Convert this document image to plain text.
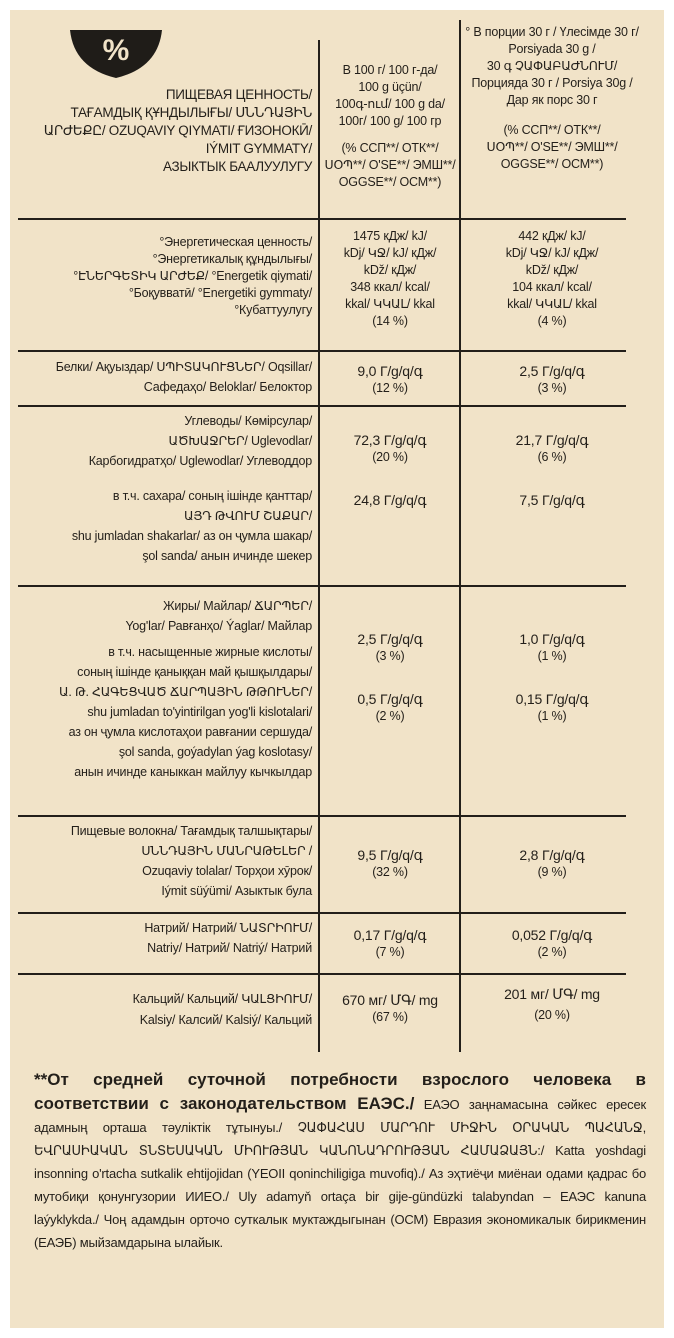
%
ПИЩЕВАЯ ЦЕННОСТЬ/
ТАҒАМДЫҚ ҚҰНДЫЛЫҒЫ/ ՍՆՆԴԱՅԻՆ
ԱՐԺԵՔԸ/ OZUQAVIY QIYMATI/ ҒИЗОНОКӢ/
IÝMIT GYMMATY/
АЗЫКТЫК БААЛУУЛУГУ
В 100 г/ 100 г-да/
100 g üçün/
100գ-ում/ 100 g da/
100г/ 100 g/ 100 гр
(% ССП**/ ОТК**/
ՍՕՊ**/ O'SE**/ ЭМШ**/
OGGSE**/ ОСМ**)
° В порции 30 г / Үлесімде 30 г/
Porsiyada 30 g /
30 գ ՉԱՓԱԲԱԺՆՈՒՄ/
Порциядa 30 г / Porsiya 30g /
Дар як порс 30 г
(% ССП**/ ОТК**/
ՍՕՊ**/ O'SE**/ ЭМШ**/
OGGSE**/ ОСМ**)
°Энергетическая ценность/
°Энергетикалық құндылығы/
°ԷՆԵՐԳԵՏԻԿ ԱՐԺԵՔ/ °Energetik qiymati/
°Бoқувватӣ/ °Energetiki gymmaty/
°Кубаттуулугу
1475 кДж/ kJ/
kDj/ ԿՋ/ kJ/ кДж/
kDž/ кДж/
348 ккал/ kcal/
kkal/ ԿԿԱԼ/ kkal
(14 %)
442 кДж/ kJ/
kDj/ ԿՋ/ kJ/ кДж/
kDž/ кДж/
104 ккал/ kcal/
kkal/ ԿԿԱԼ/ kkal
(4 %)
Белки/ Ақуыздар/ ՍՊԻՏԱԿՈՒՑՆԵՐ/ Oqsillar/
Сафедаҳо/ Beloklar/ Белоктор
9,0 Г/g/q/գ
(12 %)
2,5 Г/g/q/գ
(3 %)
Углеводы/ Көмірсулар/
ԱԾԽԱՋՐԵՐ/ Uglevodlar/
Карбогидратҳо/ Uglewodlar/ Углеводдор
72,3 Г/g/q/գ
(20 %)
21,7 Г/g/q/գ
(6 %)
в т.ч. сахара/ соның ішінде қанттар/
ԱՅԴ ԹՎՈՒՄ ՇԱՔԱՐ/
shu jumladan shakarlar/ аз он ҷумла шакар/
şol sanda/ анын ичинде шекер
24,8 Г/g/q/գ	7,5 Г/g/q/գ
Жиры/ Майлар/ ՃԱՐՊԵՐ/
Yog'lar/ Равғанҳо/ Ýaglar/ Майлар
2,5 Г/g/q/գ
(3 %)
1,0 Г/g/q/գ
(1 %)
в т.ч. насыщенные жирные кислоты/
соның ішінде қаныққан май қышқылдары/
Ա. Թ. ՀԱԳԵՑՎԱԾ ՃԱՐՊԱՅԻՆ ԹԹՈՒՆԵՐ/
shu jumladan to'yintirilgan yog'li kislotalari/
аз он ҷумла кислотаҳои равғании сершуда/
şol sanda, goýadylan ýag koslotasy/
анын ичинде каныккан майлуу кычкылдар
0,5 Г/g/q/գ
(2 %)
0,15 Г/g/q/գ
(1 %)
Пищевые волокна/ Тағамдық талшықтары/
ՍՆՆԴԱՅԻՆ ՄԱՆՐԱԹԵԼԵՐ /
Ozuqaviy tolalar/ Торҳои хӯрок/
Iýmit süýümi/ Азыктык була
9,5 Г/g/q/գ
(32 %)
2,8 Г/g/q/գ
(9 %)
Натрий/ Натрий/ ՆԱՏՐԻՈՒՄ/
Natriy/ Натрий/ Natriý/ Натрий
0,17 Г/g/q/գ
(7 %)
0,052 Г/g/q/գ
(2 %)
Кальций/ Кальций/ ԿԱԼՑԻՈՒՄ/
Kalsiy/ Калсий/ Kalsiý/ Кальций
670 мг/ ՄԳ/ mg
(67 %)
201 мг/ ՄԳ/ mg
(20 %)
**От средней суточной потребности взрослого человека в соответствии с законодательством ЕАЭС./ ЕАЭО заңнамасына сәйкес ересек адамның орташа тәуліктік тұтынуы./ ՉԱՓԱՀԱՍ ՄԱՐԴՈՒ ՄԻՋԻՆ ՕՐԱԿԱՆ ՊԱՀԱՆՋ, ԵՎՐԱՍԻԱԿԱՆ ՏՆՏԵՍԱԿԱՆ ՄԻՈՒԹՅԱՆ ԿԱՆՈՆԱԴՐՈՒԹՅԱՆ ՀԱՄԱՁԱՅՆ:/ Katta yoshdagi insonning o'rtacha sutkalik ehtijojidan (YEOII qoninchiligiga muvofiq)./ Аз эҳтиёҷи миёнаи одами қадрас бо мутобиқи қонунгузории ИИЕО./ Uly adamyň ortaça bir gije-gündüzki talabyndan – ЕАЭС kanuna laýyklykda./ Чоң адамдын орточо суткалык муктаждыгынан (ОСМ) Евразия экономикалык бирикменин (ЕАЭБ) мыйзамдарына ылайык.
